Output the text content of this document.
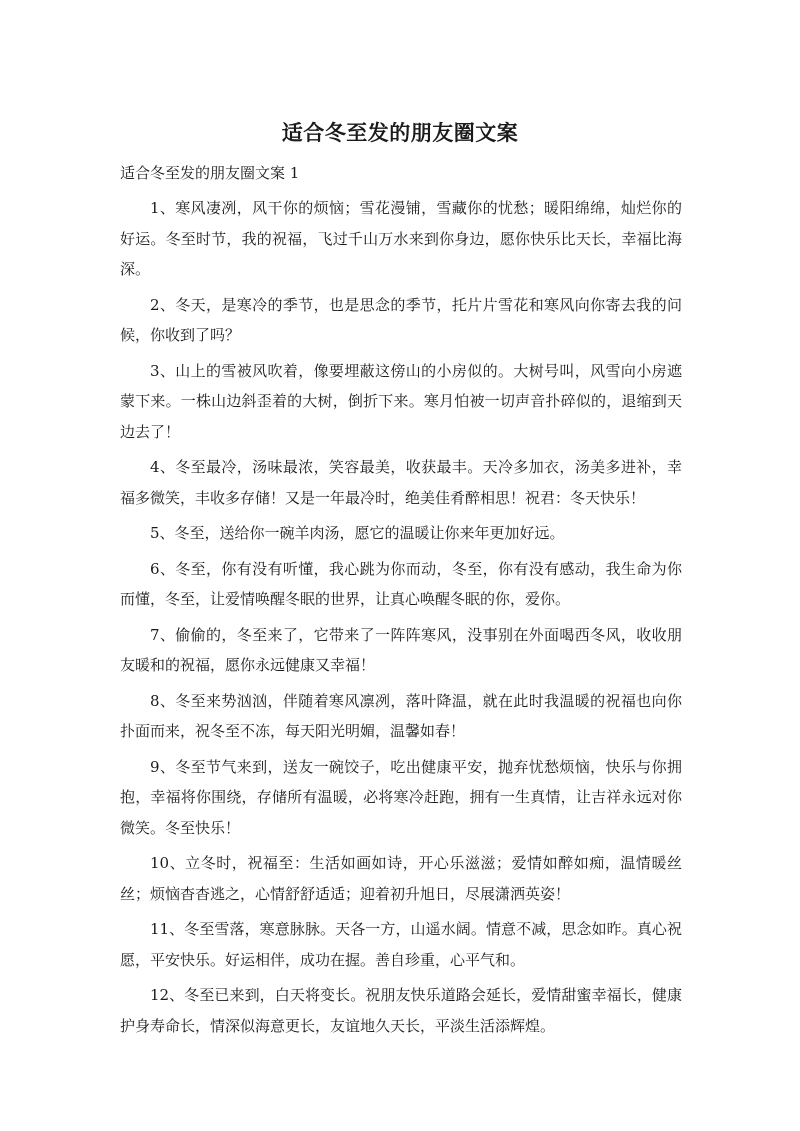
适合冬至发的朋友圈文案
适合冬至发的朋友圈文案 1

1、寒风凄冽，风干你的烦恼；雪花漫铺，雪藏你的忧愁；暖阳绵绵，灿烂你的好运。冬至时节，我的祝福，飞过千山万水来到你身边，愿你快乐比天长，幸福比海深。

2、冬天，是寒冷的季节，也是思念的季节，托片片雪花和寒风向你寄去我的问候，你收到了吗？

3、山上的雪被风吹着，像要埋蔽这傍山的小房似的。大树号叫，风雪向小房遮蒙下来。一株山边斜歪着的大树，倒折下来。寒月怕被一切声音扑碎似的，退缩到天边去了！

4、冬至最冷，汤味最浓，笑容最美，收获最丰。天冷多加衣，汤美多进补，幸福多微笑，丰收多存储！又是一年最冷时，绝美佳肴醉相思！祝君：冬天快乐！

5、冬至，送给你一碗羊肉汤，愿它的温暖让你来年更加好远。

6、冬至，你有没有听懂，我心跳为你而动，冬至，你有没有感动，我生命为你而懂，冬至，让爱情唤醒冬眠的世界，让真心唤醒冬眠的你，爱你。

7、偷偷的，冬至来了，它带来了一阵阵寒风，没事别在外面喝西冬风，收收朋友暖和的祝福，愿你永远健康又幸福！

8、冬至来势汹汹，伴随着寒风凛冽，落叶降温，就在此时我温暖的祝福也向你扑面而来，祝冬至不冻，每天阳光明媚，温馨如春！

9、冬至节气来到，送友一碗饺子，吃出健康平安，抛弃忧愁烦恼，快乐与你拥抱，幸福将你围绕，存储所有温暖，必将寒冷赶跑，拥有一生真情，让吉祥永远对你微笑。冬至快乐！

10、立冬时，祝福至：生活如画如诗，开心乐滋滋；爱情如醉如痴，温情暖丝丝；烦恼杳杳逃之，心情舒舒适适；迎着初升旭日，尽展潇洒英姿！

11、冬至雪落，寒意脉脉。天各一方，山遥水阔。情意不减，思念如昨。真心祝愿，平安快乐。好运相伴，成功在握。善自珍重，心平气和。

12、冬至已来到，白天将变长。祝朋友快乐道路会延长，爱情甜蜜幸福长，健康护身寿命长，情深似海意更长，友谊地久天长，平淡生活添辉煌。
